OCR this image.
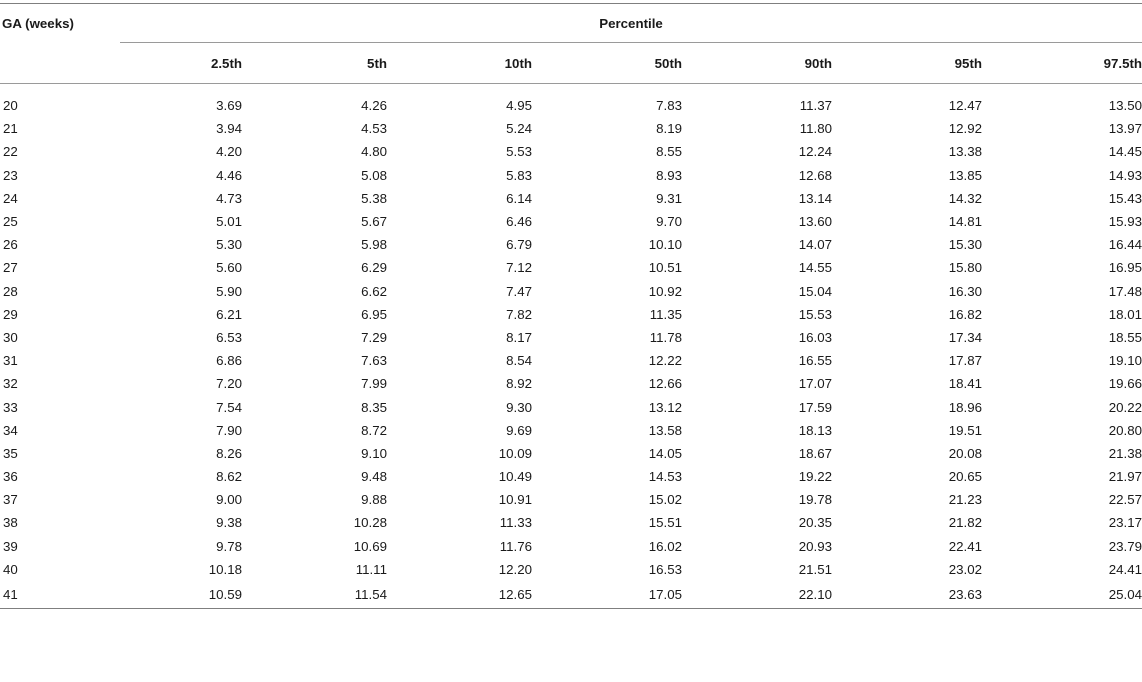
GA (weeks)	Percentile						
	2.5th	5th	10th	50th	90th	95th	97.5th
20	3.69	4.26	4.95	7.83	11.37	12.47	13.50
21	3.94	4.53	5.24	8.19	11.80	12.92	13.97
22	4.20	4.80	5.53	8.55	12.24	13.38	14.45
23	4.46	5.08	5.83	8.93	12.68	13.85	14.93
24	4.73	5.38	6.14	9.31	13.14	14.32	15.43
25	5.01	5.67	6.46	9.70	13.60	14.81	15.93
26	5.30	5.98	6.79	10.10	14.07	15.30	16.44
27	5.60	6.29	7.12	10.51	14.55	15.80	16.95
28	5.90	6.62	7.47	10.92	15.04	16.30	17.48
29	6.21	6.95	7.82	11.35	15.53	16.82	18.01
30	6.53	7.29	8.17	11.78	16.03	17.34	18.55
31	6.86	7.63	8.54	12.22	16.55	17.87	19.10
32	7.20	7.99	8.92	12.66	17.07	18.41	19.66
33	7.54	8.35	9.30	13.12	17.59	18.96	20.22
34	7.90	8.72	9.69	13.58	18.13	19.51	20.80
35	8.26	9.10	10.09	14.05	18.67	20.08	21.38
36	8.62	9.48	10.49	14.53	19.22	20.65	21.97
37	9.00	9.88	10.91	15.02	19.78	21.23	22.57
38	9.38	10.28	11.33	15.51	20.35	21.82	23.17
39	9.78	10.69	11.76	16.02	20.93	22.41	23.79
40	10.18	11.11	12.20	16.53	21.51	23.02	24.41
41	10.59	11.54	12.65	17.05	22.10	23.63	25.04
